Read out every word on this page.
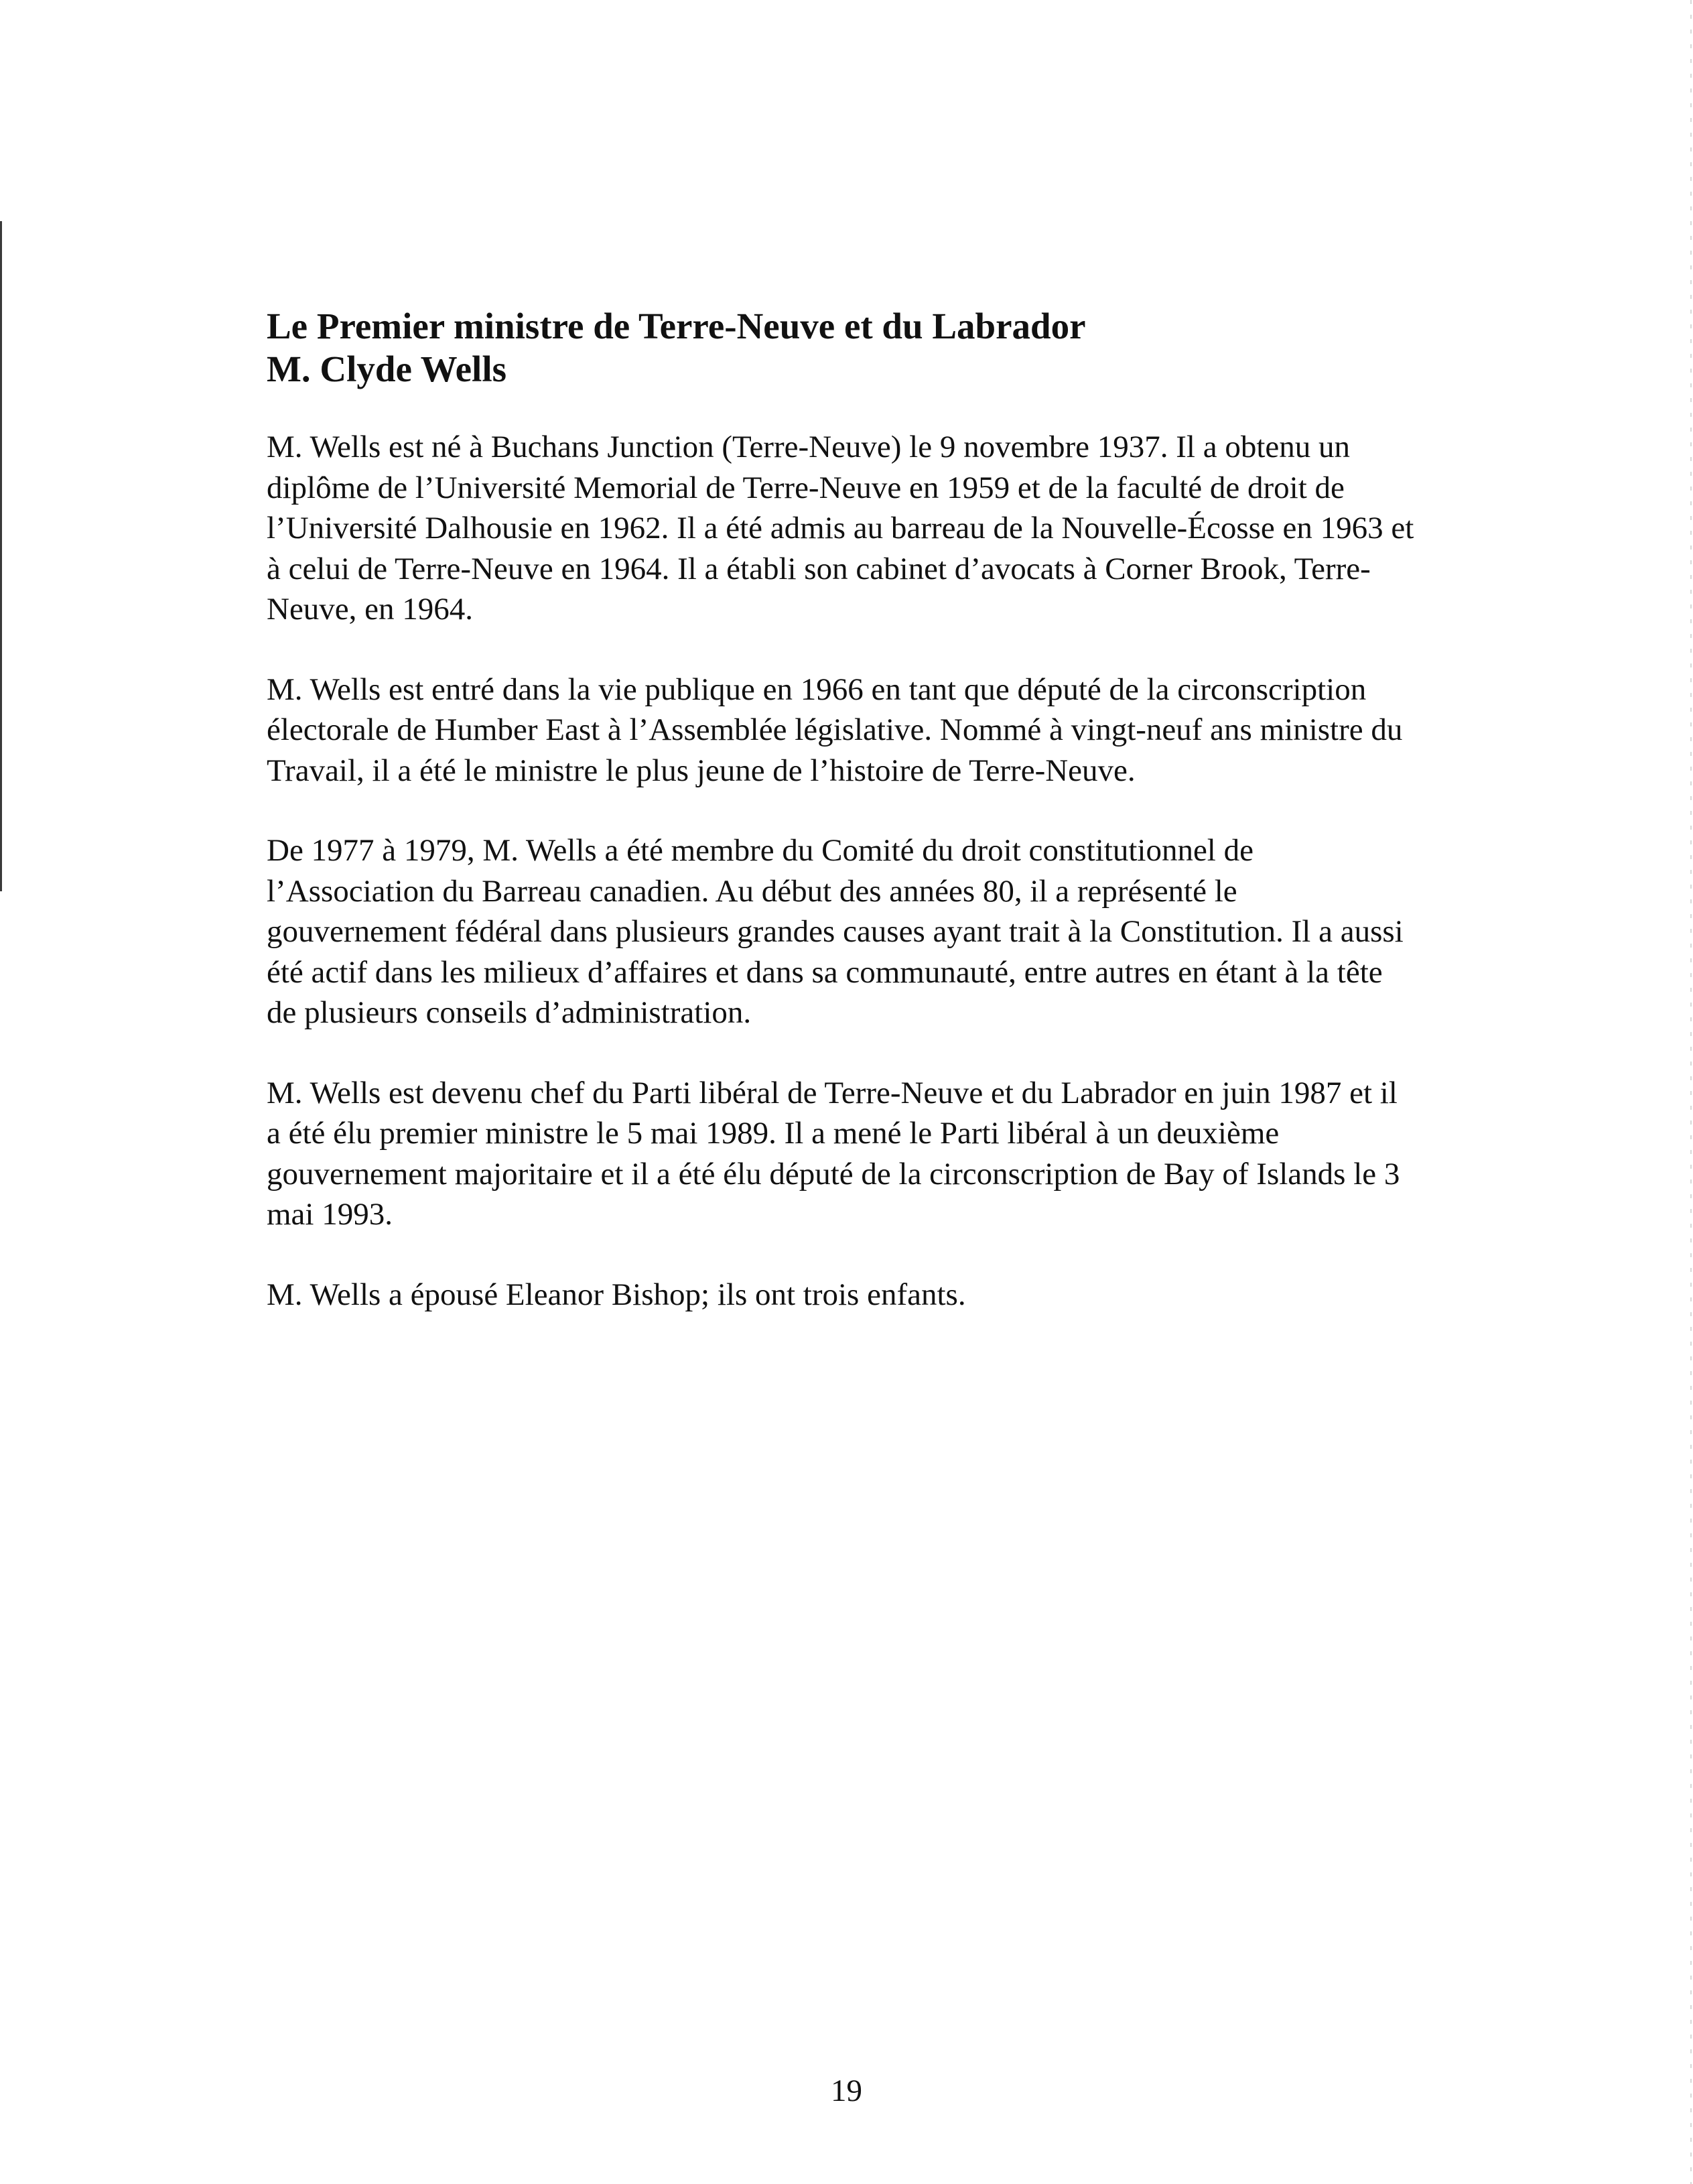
Le Premier ministre de Terre-Neuve et du Labrador
M. Clyde Wells

M. Wells est né à Buchans Junction (Terre-Neuve) le 9 novembre 1937. Il a obtenu un diplôme de l’Université Memorial de Terre-Neuve en 1959 et de la faculté de droit de l’Université Dalhousie en 1962. Il a été admis au barreau de la Nouvelle-Écosse en 1963 et à celui de Terre-Neuve en 1964. Il a établi son cabinet d’avocats à Corner Brook, Terre-Neuve, en 1964.

M. Wells est entré dans la vie publique en 1966 en tant que député de la circonscription électorale de Humber East à l’Assemblée législative. Nommé à vingt-neuf ans ministre du Travail, il a été le ministre le plus jeune de l’histoire de Terre-Neuve.

De 1977 à 1979, M. Wells a été membre du Comité du droit constitutionnel de l’Association du Barreau canadien. Au début des années 80, il a représenté le gouvernement fédéral dans plusieurs grandes causes ayant trait à la Constitution. Il a aussi été actif dans les milieux d’affaires et dans sa communauté, entre autres en étant à la tête de plusieurs conseils d’administration.

M. Wells est devenu chef du Parti libéral de Terre-Neuve et du Labrador en juin 1987 et il a été élu premier ministre le 5 mai 1989. Il a mené le Parti libéral à un deuxième gouvernement majoritaire et il a été élu député de la circonscription de Bay of Islands le 3 mai 1993.

M. Wells a épousé Eleanor Bishop; ils ont trois enfants.

19
